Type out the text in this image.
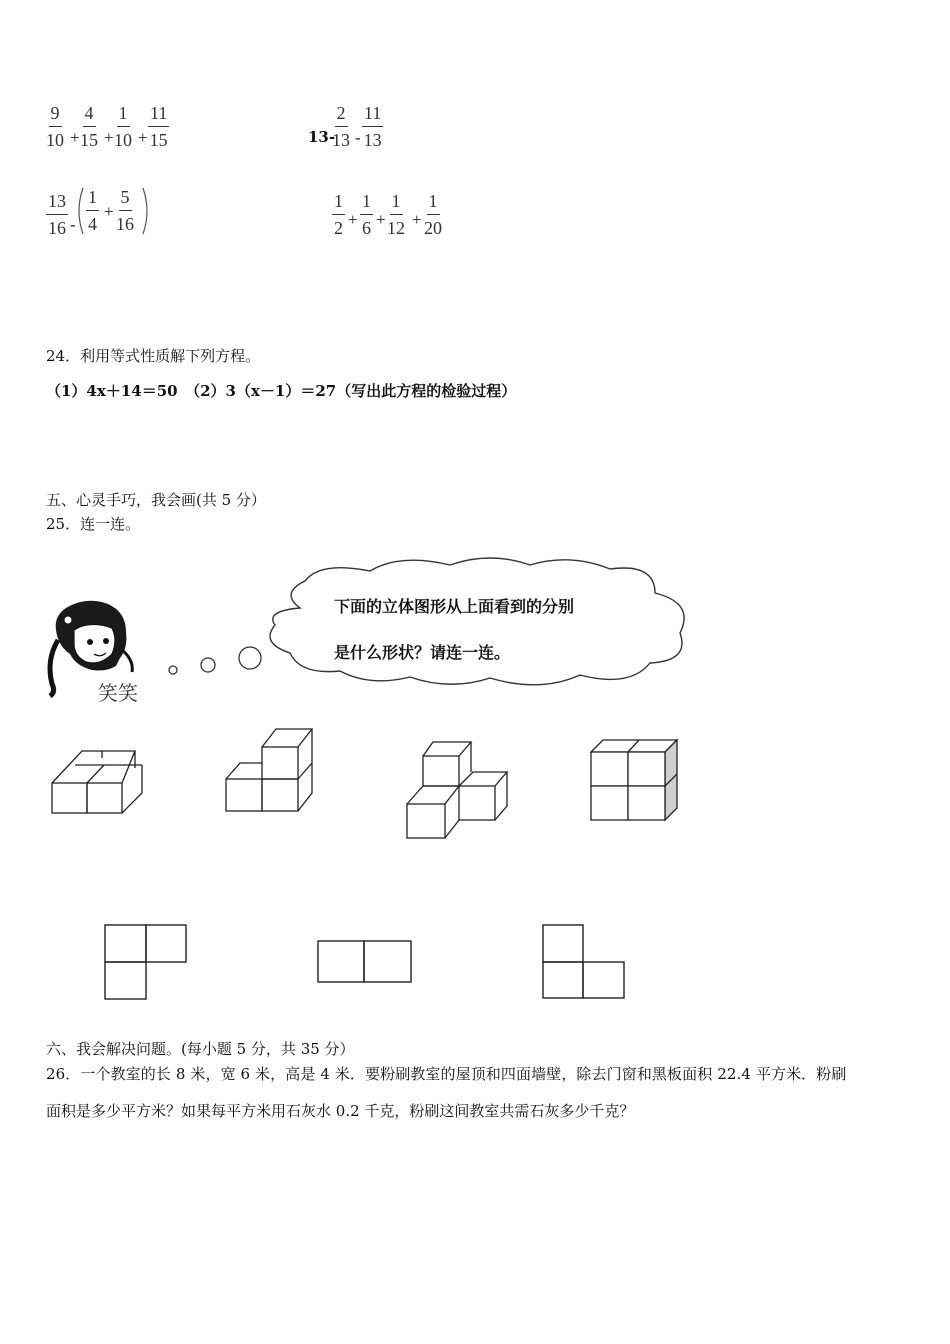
$\frac{9}{10} + \frac{4}{15} + \frac{1}{10} + \frac{11}{15}$	13-
$\frac{2}{13} - \frac{11}{13}$
$\frac{13}{16} - \frac{1}{4} + \frac{5}{16}$	$\frac{1}{2} + \frac{1}{6} + \frac{1}{12} + \frac{1}{20}$
24．利用等式性质解下列方程。
（1）4x＋14＝50　（2）3（x－1）＝27（写出此方程的检验过程）
五、心灵手巧，我会画(共 5 分）
25．连一连。
笑笑
下面的立体图形从上面看到的分别
是什么形状？请连一连。
六、我会解决问题。(每小题 5 分，共 35 分）
26．一个教室的长 8 米，宽 6 米，高是 4 米．要粉刷教室的屋顶和四面墙壁，除去门窗和黑板面积 22.4 平方米．粉刷
面积是多少平方米？如果每平方米用石灰水 0.2 千克，粉刷这间教室共需石灰多少千克？
